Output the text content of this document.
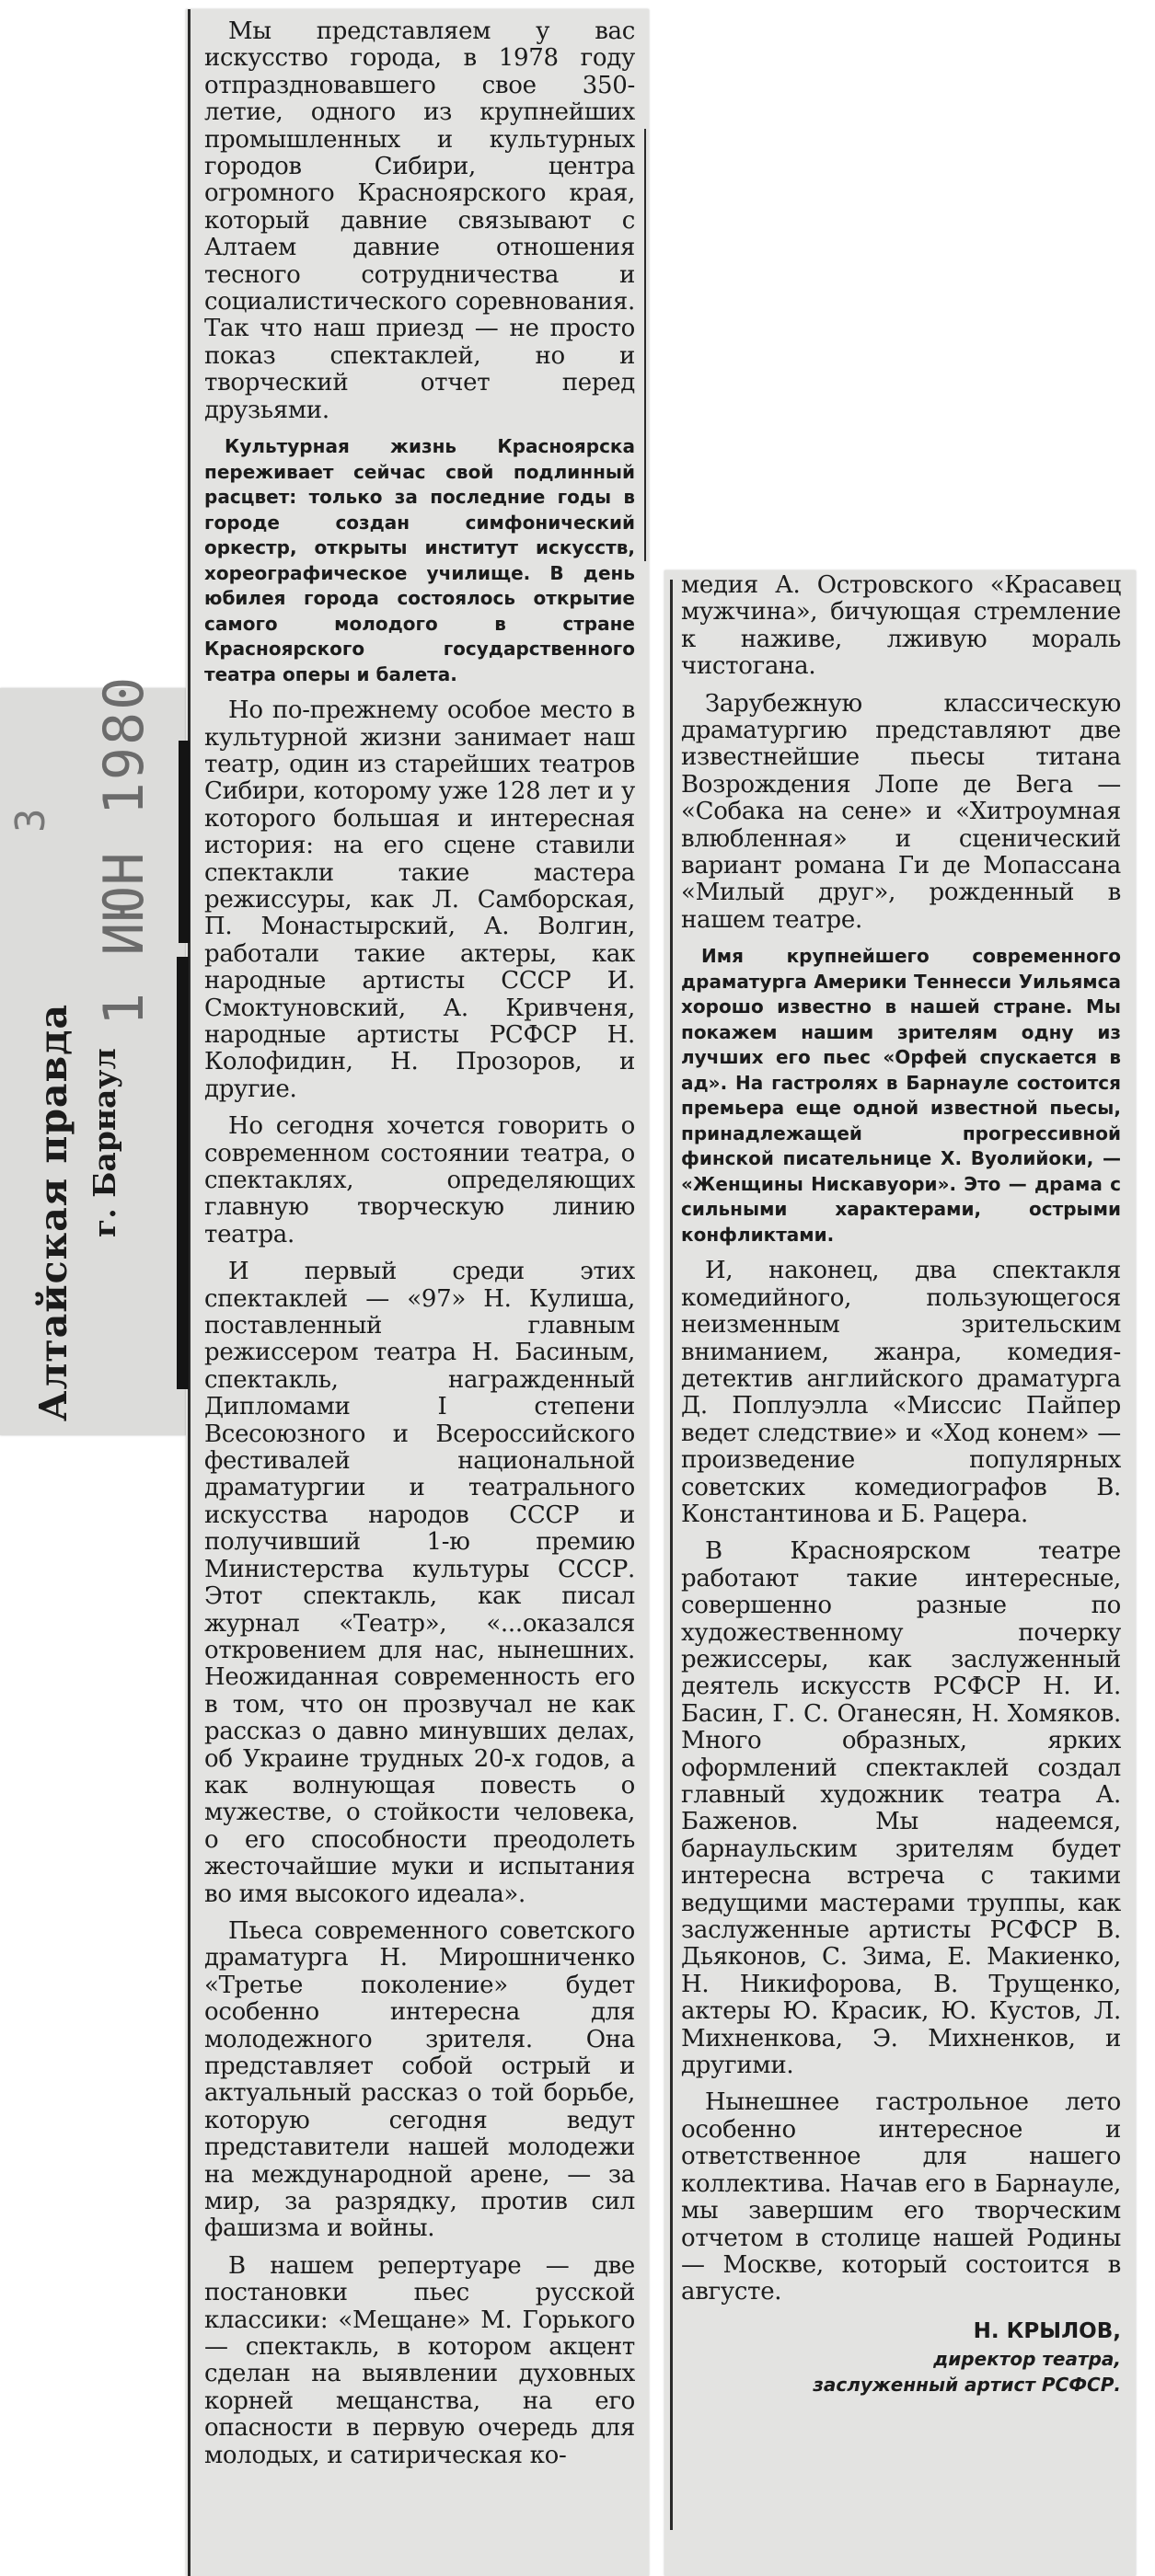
3 1 ИЮН 1980
Алтайская правда г. Барнаул

Мы представляем у вас искусство города, в 1978 году отпраздновавшего свое 350-летие, одного из крупнейших промышленных и культурных городов Сибири, центра огромного Красноярского края, который давние связывают с Алтаем давние отношения тесного сотрудничества и социалистического соревнования. Так что наш приезд — не просто показ спектаклей, но и творческий отчет перед друзьями.

Культурная жизнь Красноярска переживает сейчас свой подлинный расцвет: только за последние годы в городе создан симфонический оркестр, открыты институт искусств, хореографическое училище. В день юбилея города состоялось открытие самого молодого в стране Красноярского государственного театра оперы и балета.

Но по-прежнему особое место в культурной жизни занимает наш театр, один из старейших театров Сибири, которому уже 128 лет и у которого большая и интересная история: на его сцене ставили спектакли такие мастера режиссуры, как Л. Самборская, П. Монастырский, А. Волгин, работали такие актеры, как народные артисты СССР И. Смоктуновский, А. Кривченя, народные артисты РСФСР Н. Колофидин, Н. Прозоров, и другие.

Но сегодня хочется говорить о современном состоянии театра, о спектаклях, определяющих главную творческую линию театра.

И первый среди этих спектаклей — «97» Н. Кулиша, поставленный главным режиссером театра Н. Басиным, спектакль, награжденный Дипломами I степени Всесоюзного и Всероссийского фестивалей национальной драматургии и театрального искусства народов СССР и получивший 1-ю премию Министерства культуры СССР. Этот спектакль, как писал журнал «Театр», «...оказался откровением для нас, нынешних. Неожиданная современность его в том, что он прозвучал не как рассказ о давно минувших делах, об Украине трудных 20-х годов, а как волнующая повесть о мужестве, о стойкости человека, о его способности преодолеть жесточайшие муки и испытания во имя высокого идеала».

Пьеса современного советского драматурга Н. Мирошниченко «Третье поколение» будет особенно интересна для молодежного зрителя. Она представляет собой острый и актуальный рассказ о той борьбе, которую сегодня ведут представители нашей молодежи на международной арене, — за мир, за разрядку, против сил фашизма и войны.

В нашем репертуаре — две постановки пьес русской классики: «Мещане» М. Горького — спектакль, в котором акцент сделан на выявлении духовных корней мещанства, на его опасности в первую очередь для молодых, и сатирическая ко-

медия А. Островского «Красавец мужчина», бичующая стремление к наживе, лживую мораль чистогана.

Зарубежную классическую драматургию представляют две известнейшие пьесы титана Возрождения Лопе де Вега — «Собака на сене» и «Хитроумная влюбленная» и сценический вариант романа Ги де Мопассана «Милый друг», рожденный в нашем театре.

Имя крупнейшего современного драматурга Америки Теннесси Уильямса хорошо известно в нашей стране. Мы покажем нашим зрителям одну из лучших его пьес «Орфей спускается в ад». На гастролях в Барнауле состоится премьера еще одной известной пьесы, принадлежащей прогрессивной финской писательнице Х. Вуолийоки, — «Женщины Нискавуори». Это — драма с сильными характерами, острыми конфликтами.

И, наконец, два спектакля комедийного, пользующегося неизменным зрительским вниманием, жанра, комедия-детектив английского драматурга Д. Поплуэлла «Миссис Пайпер ведет следствие» и «Ход конем» — произведение популярных советских комедиографов В. Константинова и Б. Рацера.

В Красноярском театре работают такие интересные, совершенно разные по художественному почерку режиссеры, как заслуженный деятель искусств РСФСР Н. И. Басин, Г. С. Оганесян, Н. Хомяков. Много образных, ярких оформлений спектаклей создал главный художник театра А. Баженов. Мы надеемся, барнаульским зрителям будет интересна встреча с такими ведущими мастерами труппы, как заслуженные артисты РСФСР В. Дьяконов, С. Зима, Е. Макиенко, Н. Никифорова, В. Трущенко, актеры Ю. Красик, Ю. Кустов, Л. Михненкова, Э. Михненков, и другими.

Нынешнее гастрольное лето особенно интересное и ответственное для нашего коллектива. Начав его в Барнауле, мы завершим его творческим отчетом в столице нашей Родины — Москве, который состоится в августе.

Н. КРЫЛОВ,
директор театра,
заслуженный артист РСФСР.
